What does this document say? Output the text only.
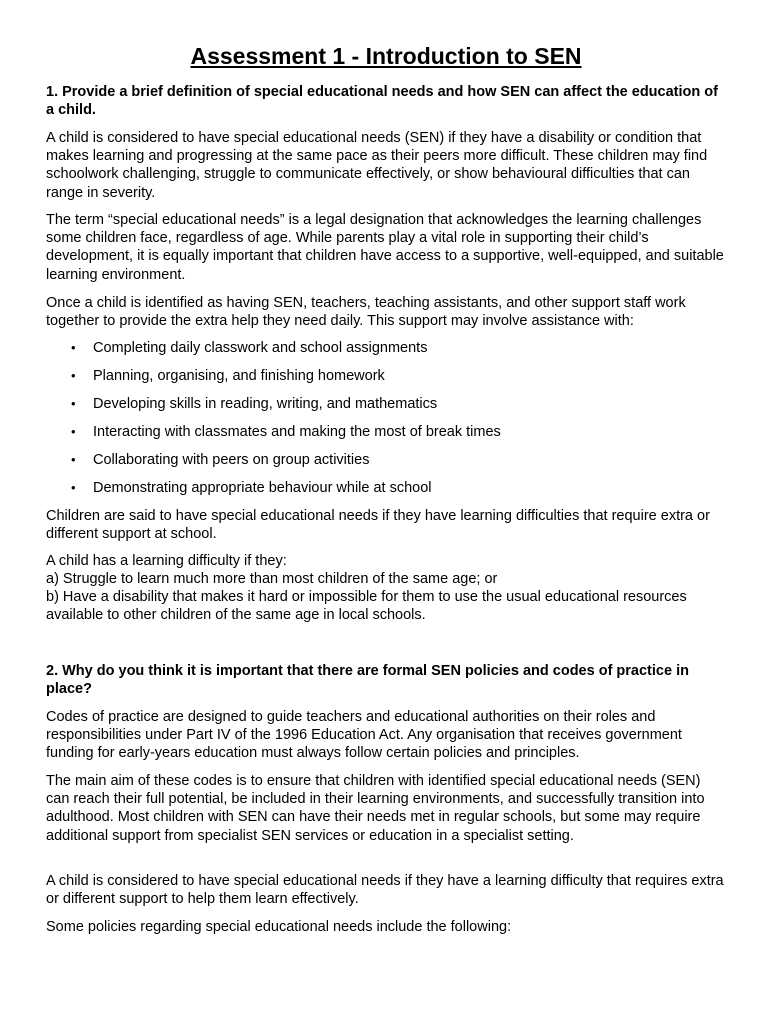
Assessment 1 - Introduction to SEN

1. Provide a brief definition of special educational needs and how SEN can affect the education of a child.

A child is considered to have special educational needs (SEN) if they have a disability or condition that makes learning and progressing at the same pace as their peers more difficult. These children may find schoolwork challenging, struggle to communicate effectively, or show behavioural difficulties that can range in severity.

The term “special educational needs” is a legal designation that acknowledges the learning challenges some children face, regardless of age. While parents play a vital role in supporting their child’s development, it is equally important that children have access to a supportive, well-equipped, and suitable learning environment.

Once a child is identified as having SEN, teachers, teaching assistants, and other support staff work together to provide the extra help they need daily. This support may involve assistance with:

• Completing daily classwork and school assignments
• Planning, organising, and finishing homework
• Developing skills in reading, writing, and mathematics
• Interacting with classmates and making the most of break times
• Collaborating with peers on group activities
• Demonstrating appropriate behaviour while at school

Children are said to have special educational needs if they have learning difficulties that require extra or different support at school.

A child has a learning difficulty if they:

a) Struggle to learn much more than most children of the same age; or

b) Have a disability that makes it hard or impossible for them to use the usual educational resources available to other children of the same age in local schools.

2. Why do you think it is important that there are formal SEN policies and codes of practice in place?

Codes of practice are designed to guide teachers and educational authorities on their roles and responsibilities under Part IV of the 1996 Education Act. Any organisation that receives government funding for early-years education must always follow certain policies and principles.

The main aim of these codes is to ensure that children with identified special educational needs (SEN) can reach their full potential, be included in their learning environments, and successfully transition into adulthood. Most children with SEN can have their needs met in regular schools, but some may require additional support from specialist SEN services or education in a specialist setting.

A child is considered to have special educational needs if they have a learning difficulty that requires extra or different support to help them learn effectively.

Some policies regarding special educational needs include the following:
